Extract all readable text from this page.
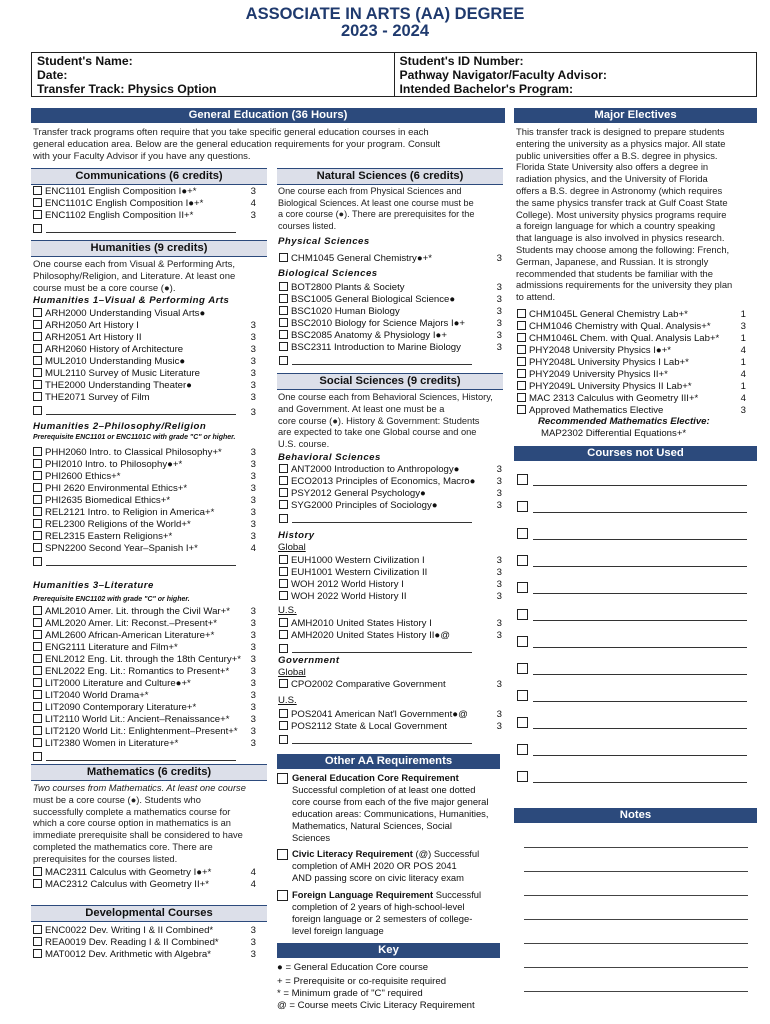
ASSOCIATE IN ARTS (AA) DEGREE
2023 - 2024
Student's Name:
Date:
Transfer Track: Physics Option
Student's ID Number:
Pathway Navigator/Faculty Advisor:
Intended Bachelor's Program:
General Education (36 Hours)
Transfer track programs often require that you take specific general education courses in each
general education area. Below are the general education requirements for your program. Consult
with your Faculty Advisor if you have any questions.
Major Electives
Communications (6 credits)
ENC1101 English Composition I●+*	3
ENC1101C English Composition I●+*	4
ENC1102 English Composition II+*	3
Humanities (9 credits)
One course each from Visual & Performing Arts,
Philosophy/Religion, and Literature. At least one
course must be a core course (●).
Humanities 1–Visual & Performing Arts
3
Humanities 2–Philosophy/Religion
Prerequisite ENC1101 or ENC1101C with grade "C" or higher.
Humanities 3–Literature
Prerequisite ENC1102 with grade "C" or higher.
Mathematics (6 credits)
Two courses from Mathematics. At least one course
must be a core course (●). Students who
successfully complete a mathematics course for
which a core course option in mathematics is an
immediate prerequisite shall be considered to have
completed the mathematics core. There are
prerequisites for the courses listed.
Developmental Courses
Natural Sciences (6 credits)
One course each from Physical Sciences and
Biological Sciences. At least one course must be
a core course (●). There are prerequisites for the
courses listed.
Physical Sciences
Biological Sciences
Social Sciences (9 credits)
One course each from Behavioral Sciences, History,
and Government. At least one must be a
core course (●). History & Government: Students
are expected to take one Global course and one
U.S. course.
Behavioral Sciences
History
Global
U.S.
Government
Global
U.S.
Other AA Requirements
General Education Core Requirement
Successful completion of at least one dotted
core course from each of the five major general
education areas: Communications, Humanities,
Mathematics, Natural Sciences, Social
Sciences
Civic Literacy Requirement (@) Successful
completion of AMH 2020 OR POS 2041
AND passing score on civic literacy exam
Foreign Language Requirement Successful
completion of 2 years of high-school-level
foreign language or 2 semesters of college-
level foreign language
Key
● = General Education Core course
+ = Prerequisite or co-requisite required
* = Minimum grade of "C" required
@ = Course meets Civic Literacy Requirement
This transfer track is designed to prepare students
entering the university as a physics major. All state
public universities offer a B.S. degree in physics.
Florida State University also offers a degree in
radiation physics, and the University of Florida
offers a B.S. degree in Astronomy (which requires
the same physics transfer track at Gulf Coast State
College). Most university physics programs require
a foreign language for which a country speaking
that language is also involved in physics research.
Students may choose among the following: French,
German, Japanese, and Russian. It is strongly
recommended that students be familiar with the
admissions requirements for the university they plan
to attend.
Recommended Mathematics Elective:
MAP2302 Differential Equations+*
Courses not Used
Notes
ARH2000 Understanding Visual Arts●
ARH2050 Art History I	3
ARH2051 Art History II	3
ARH2060 History of Architecture	3
MUL2010 Understanding Music●	3
MUL2110 Survey of Music Literature	3
THE2000 Understanding Theater●	3
THE2071 Survey of Film	3
PHH2060 Intro. to Classical Philosophy+*	3
PHI2010 Intro. to Philosophy●+*	3
PHI2600 Ethics+*	3
PHI 2620 Environmental Ethics+*	3
PHI2635 Biomedical Ethics+*	3
REL2121 Intro. to Religion in America+*	3
REL2300 Religions of the World+*	3
REL2315 Eastern Religions+*	3
SPN2200 Second Year–Spanish I+*	4
AML2010 Amer. Lit. through the Civil War+*	3
AML2020 Amer. Lit: Reconst.–Present+*	3
AML2600 African-American Literature+*	3
ENG2111 Literature and Film+*	3
ENL2012 Eng. Lit. through the 18th Century+*	3
ENL2022 Eng. Lit.: Romantics to Present+*	3
LIT2000 Literature and Culture●+*	3
LIT2040 World Drama+*	3
LIT2090 Contemporary Literature+*	3
LIT2110 World Lit.: Ancient–Renaissance+*	3
LIT2120 World Lit.: Enlightenment–Present+*	3
LIT2380 Women in Literature+*	3
MAC2311 Calculus with Geometry I●+*	4
MAC2312 Calculus with Geometry II+*	4
ENC0022 Dev. Writing I & II Combined*	3
REA0019 Dev. Reading I & II Combined*	3
MAT0012 Dev. Arithmetic with Algebra*	3
CHM1045 General Chemistry●+*	3
BOT2800 Plants & Society	3
BSC1005 General Biological Science●	3
BSC1020 Human Biology	3
BSC2010 Biology for Science Majors I●+	3
BSC2085 Anatomy & Physiology I●+	3
BSC2311 Introduction to Marine Biology	3
ANT2000 Introduction to Anthropology●	3
ECO2013 Principles of Economics, Macro●	3
PSY2012 General Psychology●	3
SYG2000 Principles of Sociology●	3
EUH1000 Western Civilization I	3
EUH1001 Western Civilization II	3
WOH 2012 World History I	3
WOH 2022 World History II	3
AMH2010 United States History I	3
AMH2020 United States History II●@	3
CPO2002 Comparative Government	3
POS2041 American Nat'l Government●@	3
POS2112 State & Local Government	3
CHM1045L General Chemistry Lab+*	1
CHM1046 Chemistry with Qual. Analysis+*	3
CHM1046L Chem. with Qual. Analysis Lab+*	1
PHY2048 University Physics I●+*	4
PHY2048L University Physics I Lab+*	1
PHY2049 University Physics II+*	4
PHY2049L University Physics II Lab+*	1
MAC 2313 Calculus with Geometry III+*	4
Approved Mathematics Elective	3
